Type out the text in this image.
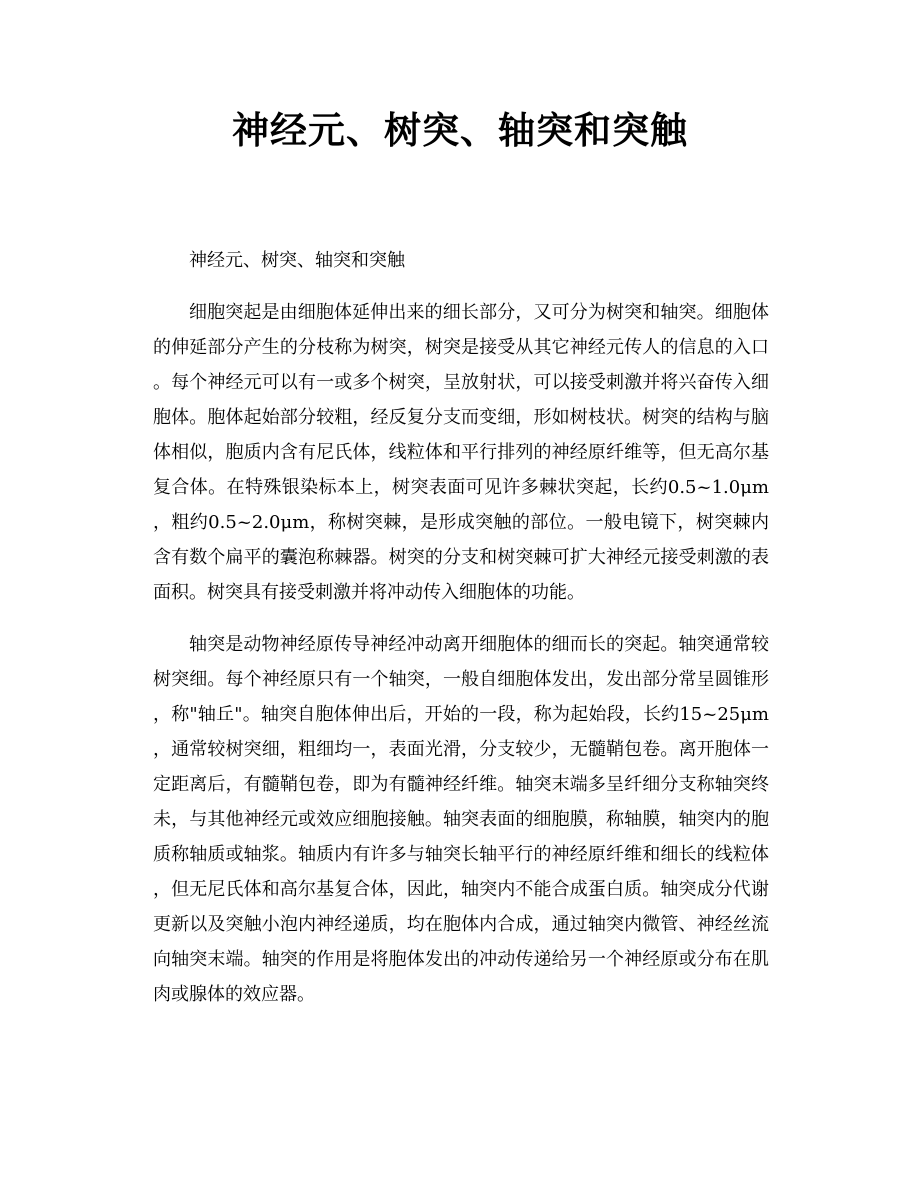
神经元、树突、轴突和突触

神经元、树突、轴突和突触

细胞突起是由细胞体延伸出来的细长部分，又可分为树突和轴突。细胞体的伸延部分产生的分枝称为树突，树突是接受从其它神经元传人的信息的入口。每个神经元可以有一或多个树突，呈放射状，可以接受刺激并将兴奋传入细胞体。胞体起始部分较粗，经反复分支而变细，形如树枝状。树突的结构与脑体相似，胞质内含有尼氏体，线粒体和平行排列的神经原纤维等，但无高尔基复合体。在特殊银染标本上，树突表面可见许多棘状突起，长约0.5~1.0μm，粗约0.5~2.0μm，称树突棘，是形成突触的部位。一般电镜下，树突棘内含有数个扁平的囊泡称棘器。树突的分支和树突棘可扩大神经元接受刺激的表面积。树突具有接受刺激并将冲动传入细胞体的功能。

轴突是动物神经原传导神经冲动离开细胞体的细而长的突起。轴突通常较树突细。每个神经原只有一个轴突，一般自细胞体发出，发出部分常呈圆锥形，称"轴丘"。轴突自胞体伸出后，开始的一段，称为起始段，长约15~25μm，通常较树突细，粗细均一，表面光滑，分支较少，无髓鞘包卷。离开胞体一定距离后，有髓鞘包卷，即为有髓神经纤维。轴突末端多呈纤细分支称轴突终未，与其他神经元或效应细胞接触。轴突表面的细胞膜，称轴膜，轴突内的胞质称轴质或轴浆。轴质内有许多与轴突长轴平行的神经原纤维和细长的线粒体，但无尼氏体和高尔基复合体，因此，轴突内不能合成蛋白质。轴突成分代谢更新以及突触小泡内神经递质，均在胞体内合成，通过轴突内微管、神经丝流向轴突末端。轴突的作用是将胞体发出的冲动传递给另一个神经原或分布在肌肉或腺体的效应器。
